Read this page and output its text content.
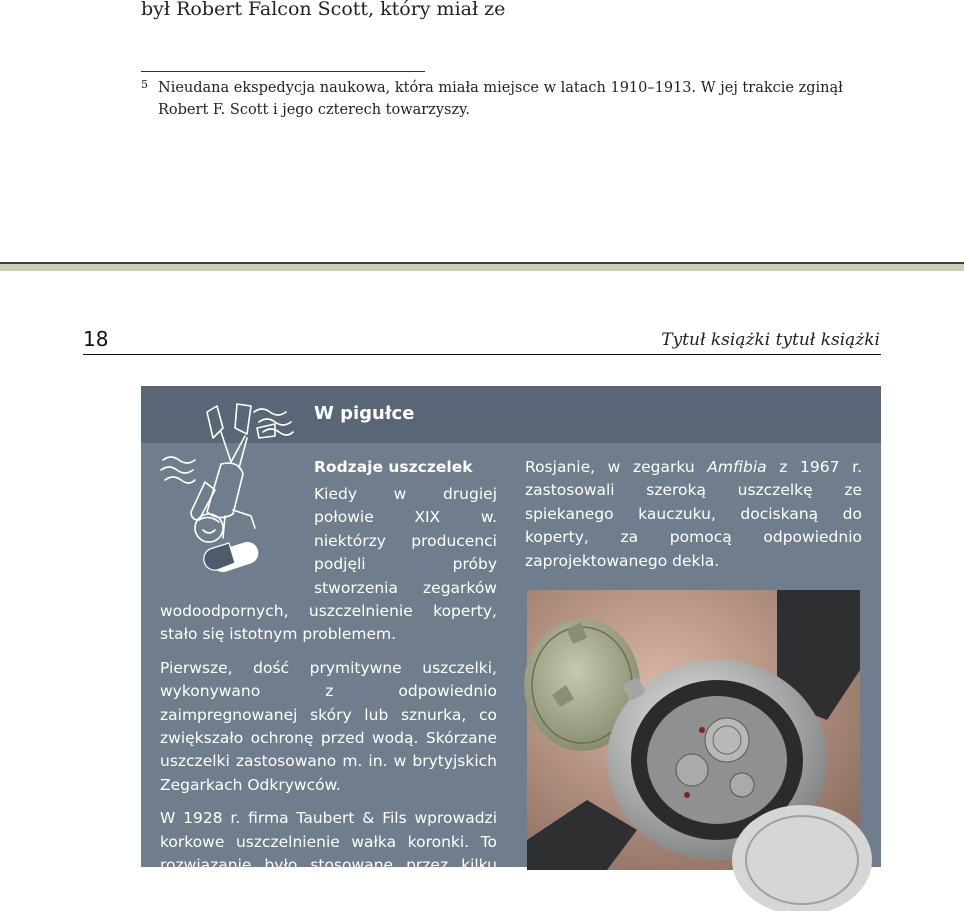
był Robert Falcon Scott, który miał ze

5 Nieudana ekspedycja naukowa, która miała miejsce w latach 1910–1913. W jej trakcie zginął Robert F. Scott i jego czterech towarzyszy.
18	Tytuł książki tytuł książki
W pigułce
Rodzaje uszczelek

Kiedy w drugiej połowie XIX w. niektórzy producenci podjęli próby stworzenia zegarków wodoodpornych, uszczelnienie koperty, stało się istotnym problemem.

Pierwsze, dość prymitywne uszczelki, wykonywano z odpowiednio zaimpregnowanej skóry lub sznurka, co zwiększało ochronę przed wodą. Skórzane uszczelki zastosowano m. in. w brytyjskich Zegarkach Odkrywców.

W 1928 r. firma Taubert & Fils wprowadzi korkowe uszczelnienie wałka koronki. To rozwiązanie było stosowane przez kilku producentów np. Mido aż

Rosjanie, w zegarku Amfibia z 1967 r. zastosowali szeroką uszczelkę ze spiekanego kauczuku, dociskaną do koperty, za pomocą odpowiednio zaprojektowanego dekla.
